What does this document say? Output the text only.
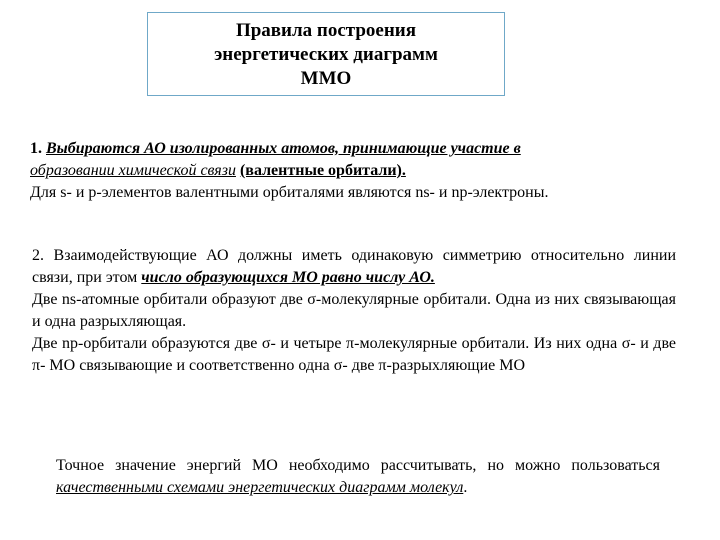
Правила построения
энергетических диаграмм
ММО
1. Выбираются АО изолированных атомов, принимающие участие в
образовании химической связи (валентные орбитали).
Для s- и p-элементов валентными орбиталями являются ns- и np-электроны.

2. Взаимодействующие АО должны иметь одинаковую симметрию относительно линии связи, при этом число образующихся МО равно числу АО.

Две ns-атомные орбитали образуют две σ-молекулярные орбитали. Одна из них связывающая и одна разрыхляющая.

Две np-орбитали образуются две σ- и четыре π-молекулярные орбитали. Из них одна σ- и две π- МО связывающие и соответственно одна σ- две π-разрыхляющие МО

Точное значение энергий МО необходимо рассчитывать, но можно пользоваться качественными схемами энергетических диаграмм молекул.
